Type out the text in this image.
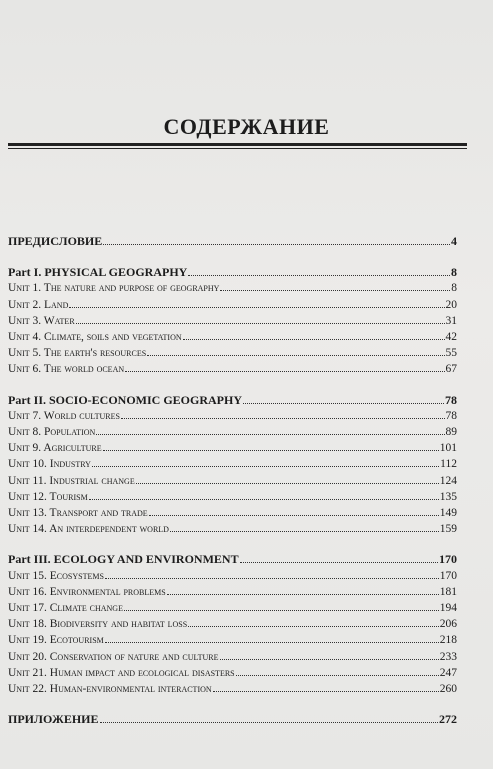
СОДЕРЖАНИЕ
ПРЕДИСЛОВИЕ	4
Part I. PHYSICAL GEOGRAPHY	8
Unit 1. The nature and purpose of geography	8
Unit 2. Land	20
Unit 3. Water	31
Unit 4. Climate, soils and vegetation	42
Unit 5. The earth's resources	55
Unit 6. The world ocean	67
Part II. SOCIO-ECONOMIC GEOGRAPHY	78
Unit 7. World cultures	78
Unit 8. Population	89
Unit 9. Agriculture	101
Unit 10. Industry	112
Unit 11. Industrial change	124
Unit 12. Tourism	135
Unit 13. Transport and trade	149
Unit 14. An interdependent world	159
Part III. ECOLOGY AND ENVIRONMENT	170
Unit 15. Ecosystems	170
Unit 16. Environmental problems	181
Unit 17. Climate change	194
Unit 18. Biodiversity and habitat loss	206
Unit 19. Ecotourism	218
Unit 20. Conservation of nature and culture	233
Unit 21. Human impact and ecological disasters	247
Unit 22. Human-environmental interaction	260
ПРИЛОЖЕНИЕ	272
